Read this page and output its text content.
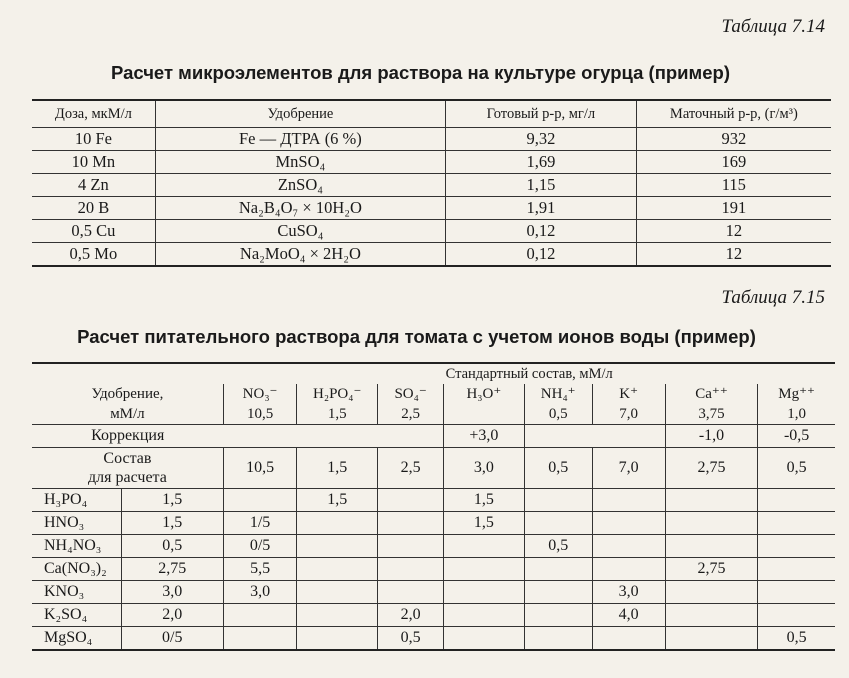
Таблица 7.14
Расчет микроэлементов для раствора на культуре огурца (пример)
Доза, мкМ/л	Удобрение	Готовый р-р, мг/л	Маточный р-р, (г/м³)
10 Fe	Fe — ДТРА (6 %)	9,32	932
10 Mn	MnSO₄	1,69	169
4 Zn	ZnSO₄	1,15	115
20 B	Na₂B₄O₇ × 10H₂O	1,91	191
0,5 Cu	CuSO₄	0,12	12
0,5 Mo	Na₂MoO₄ × 2H₂O	0,12	12
Таблица 7.15
Расчет питательного раствора для томата с учетом ионов воды (пример)
		Стандартный состав, мМ/л							
Удобрение,		NO₃⁻	H₂PO₄⁻	SO₄⁻	H₃O⁺	NH₄⁺	K⁺	Ca⁺⁺	Mg⁺⁺
мМ/л		10,5	1,5	2,5		0,5	7,0	3,75	1,0
Коррекция					+3,0			-1,0	-0,5
Состав
для расчета		10,5	1,5	2,5	3,0	0,5	7,0	2,75	0,5
H₃PO₄	1,5		1,5		1,5				
HNO₃	1,5	1/5			1,5				
NH₄NO₃	0,5	0/5				0,5			
Ca(NO₃)₂	2,75	5,5						2,75	
KNO₃	3,0	3,0					3,0		
K₂SO₄	2,0			2,0			4,0		
MgSO₄	0/5			0,5					0,5
